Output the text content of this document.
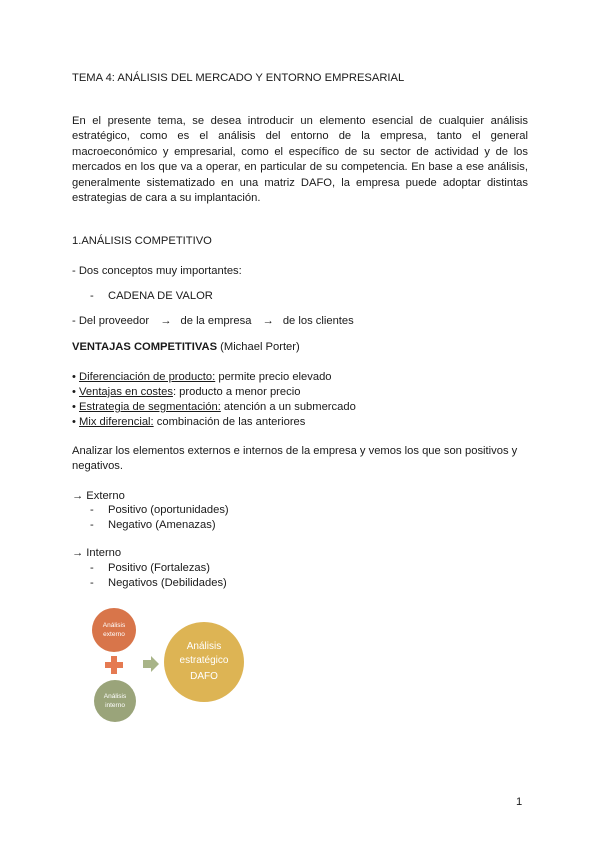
TEMA 4: ANÁLISIS DEL MERCADO Y ENTORNO EMPRESARIAL
En el presente tema, se desea introducir un elemento esencial de cualquier análisis
estratégico, como es el análisis del entorno de la empresa, tanto el general
macroeconómico y empresarial, como el específico de su sector de actividad y de los
mercados en los que va a operar, en particular de su competencia. En base a ese análisis,
generalmente sistematizado en una matriz DAFO, la empresa puede adoptar distintas
estrategias de cara a su implantación.
1.ANÁLISIS COMPETITIVO
- Dos conceptos muy importantes:
- CADENA DE VALOR
- Del proveedor → de la empresa → de los clientes
VENTAJAS COMPETITIVAS (Michael Porter)
• Diferenciación de producto: permite precio elevado
• Ventajas en costes: producto a menor precio
• Estrategia de segmentación: atención a un submercado
• Mix diferencial: combinación de las anteriores
Analizar los elementos externos e internos de la empresa y vemos los que son positivos y
negativos.
→ Externo
- Positivo (oportunidades)
- Negativo (Amenazas)
→ Interno
- Positivo (Fortalezas)
- Negativos (Debilidades)
Análisis
externo
Análisis
interno
Análisis
estratégico
DAFO
1
